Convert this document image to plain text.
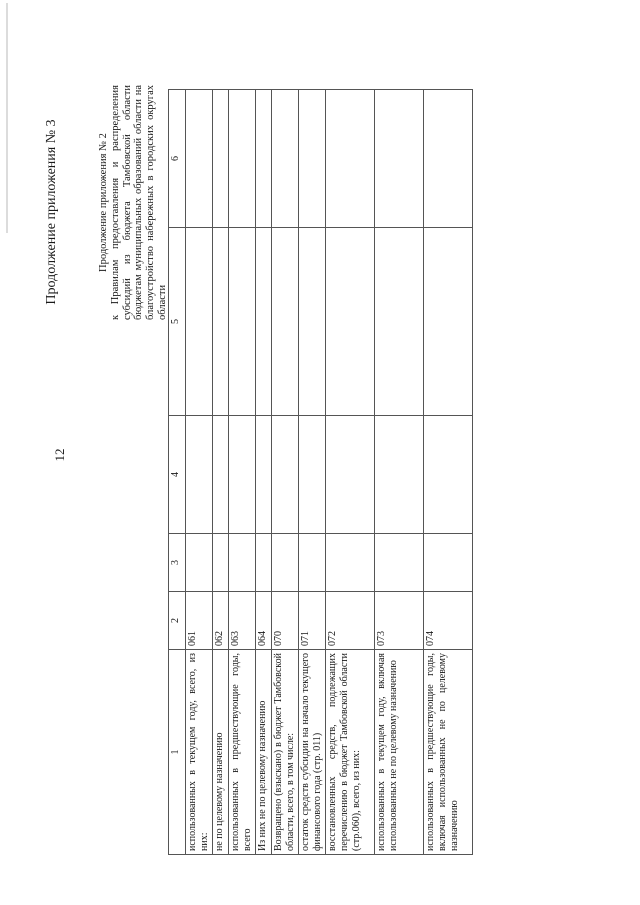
12
Продолжение приложения № 3	Продолжение приложения № 2 к Правилам предоставления и распределения субсидий из бюджета Тамбовской области бюджетам муниципальных образований области на благоустройство набережных в городских округах области
1	2	3	4	5	6
использованных в текущем году, всего, из них:	061				
не по целевому назначению	062				
использованных в предшествующие годы, всего	063				
Из них не по целевому назначению	064				
Возвращено (взыскано) в бюджет Тамбовской области, всего, в том числе:	070				
остаток средств субсидии на начало текущего финансового года (стр. 011)	071				
восстановленных средств, подлежащих перечислению в бюджет Тамбовской области (стр.060), всего, из них:	072				
использованных в текущем году, включая использованных не по целевому назначению	073				
использованных в предшествующие годы, включая использованных не по целевому назначению	074				
